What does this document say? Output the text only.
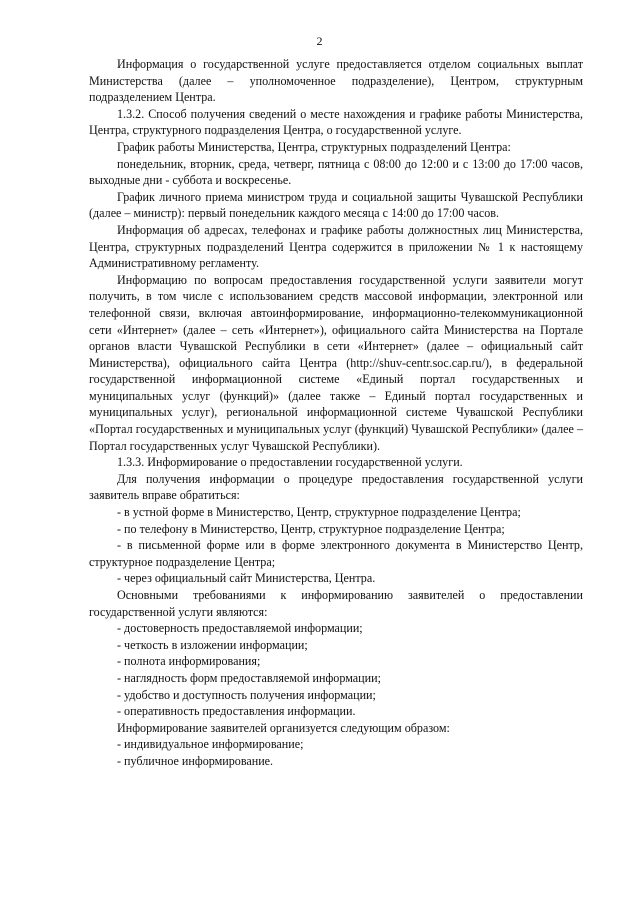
2

Информация о государственной услуге предоставляется отделом социальных выплат Министерства (далее – уполномоченное подразделение), Центром, структурным подразделением Центра.

1.3.2. Способ получения сведений о месте нахождения и графике работы Министерства, Центра, структурного подразделения Центра, о государственной услуге.

График работы Министерства, Центра, структурных подразделений Центра:

понедельник, вторник, среда, четверг, пятница с 08:00 до 12:00 и с 13:00 до 17:00 часов, выходные дни - суббота и воскресенье.

График личного приема министром труда и социальной защиты Чувашской Республики (далее – министр): первый понедельник каждого месяца с 14:00 до 17:00 часов.

Информация об адресах, телефонах и графике работы должностных лиц Министерства, Центра, структурных подразделений Центра содержится в приложении № 1 к настоящему Административному регламенту.

Информацию по вопросам предоставления государственной услуги заявители могут получить, в том числе с использованием средств массовой информации, электронной или телефонной связи, включая автоинформирование, информационно-телекоммуникационной сети «Интернет» (далее – сеть «Интернет»), официального сайта Министерства на Портале органов власти Чувашской Республики в сети «Интернет» (далее – официальный сайт Министерства), официального сайта Центра (http://shuv-centr.soc.cap.ru/), в федеральной государственной информационной системе «Единый портал государственных и муниципальных услуг (функций)» (далее также – Единый портал государственных и муниципальных услуг), региональной информационной системе Чувашской Республики «Портал государственных и муниципальных услуг (функций) Чувашской Республики» (далее – Портал государственных услуг Чувашской Республики).

1.3.3. Информирование о предоставлении государственной услуги.

Для получения информации о процедуре предоставления государственной услуги заявитель вправе обратиться:

- в устной форме в Министерство, Центр, структурное подразделение Центра;

- по телефону в Министерство, Центр, структурное подразделение Центра;

- в письменной форме или в форме электронного документа в Министерство Центр, структурное подразделение Центра;

- через официальный сайт Министерства, Центра.

Основными требованиями к информированию заявителей о предоставлении государственной услуги являются:

- достоверность предоставляемой информации;

- четкость в изложении информации;

- полнота информирования;

- наглядность форм предоставляемой информации;

- удобство и доступность получения информации;

- оперативность предоставления информации.

Информирование заявителей организуется следующим образом:

- индивидуальное информирование;

- публичное информирование.
